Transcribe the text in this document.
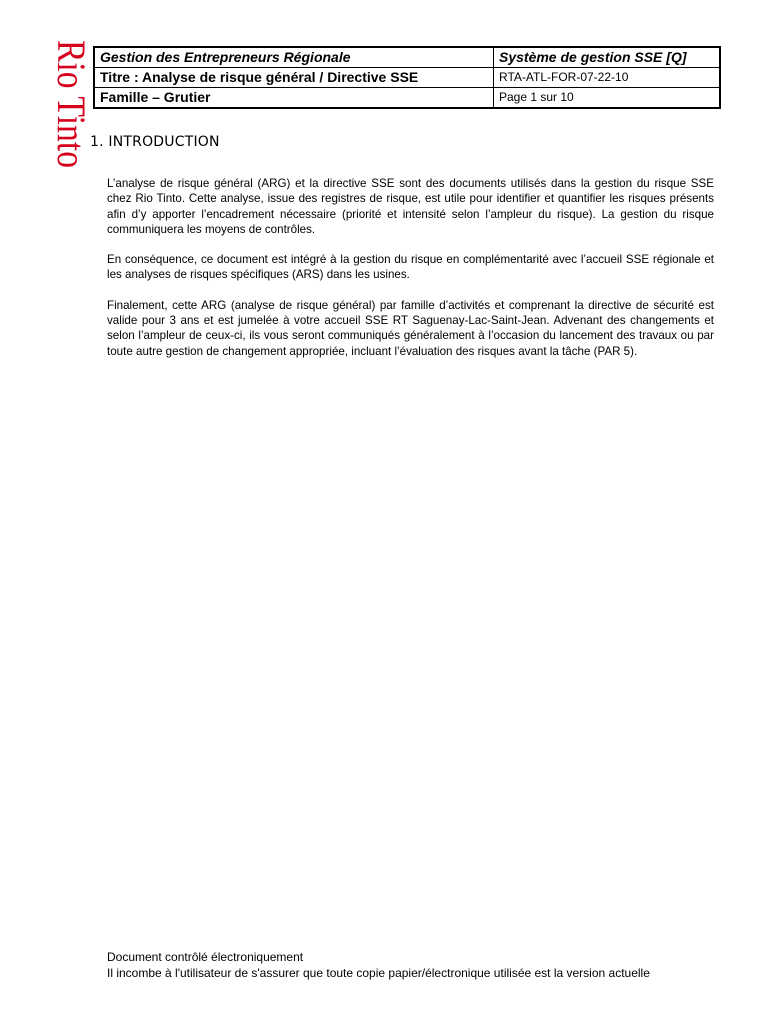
Rio Tinto Gestion des Entrepreneurs Régionale	Système de gestion SSE [Q]
Titre : Analyse de risque général / Directive SSE	RTA-ATL-FOR-07-22-10
Famille – Grutier	Page 1 sur 10
1. INTRODUCTION

L’analyse de risque général (ARG) et la directive SSE sont des documents utilisés dans la gestion du risque SSE chez Rio Tinto. Cette analyse, issue des registres de risque, est utile pour identifier et quantifier les risques présents afin d’y apporter l’encadrement nécessaire (priorité et intensité selon l’ampleur du risque). La gestion du risque communiquera les moyens de contrôles.

En conséquence, ce document est intégré à la gestion du risque en complémentarité avec l’accueil SSE régionale et les analyses de risques spécifiques (ARS) dans les usines.

Finalement, cette ARG (analyse de risque général) par famille d’activités et comprenant la directive de sécurité est valide pour 3 ans et est jumelée à votre accueil SSE RT Saguenay-Lac-Saint-Jean. Advenant des changements et selon l’ampleur de ceux-ci, ils vous seront communiqués généralement à l’occasion du lancement des travaux ou par toute autre gestion de changement appropriée, incluant l’évaluation des risques avant la tâche (PAR 5).

Document contrôlé électroniquement
Il incombe à l'utilisateur de s'assurer que toute copie papier/électronique utilisée est la version actuelle
